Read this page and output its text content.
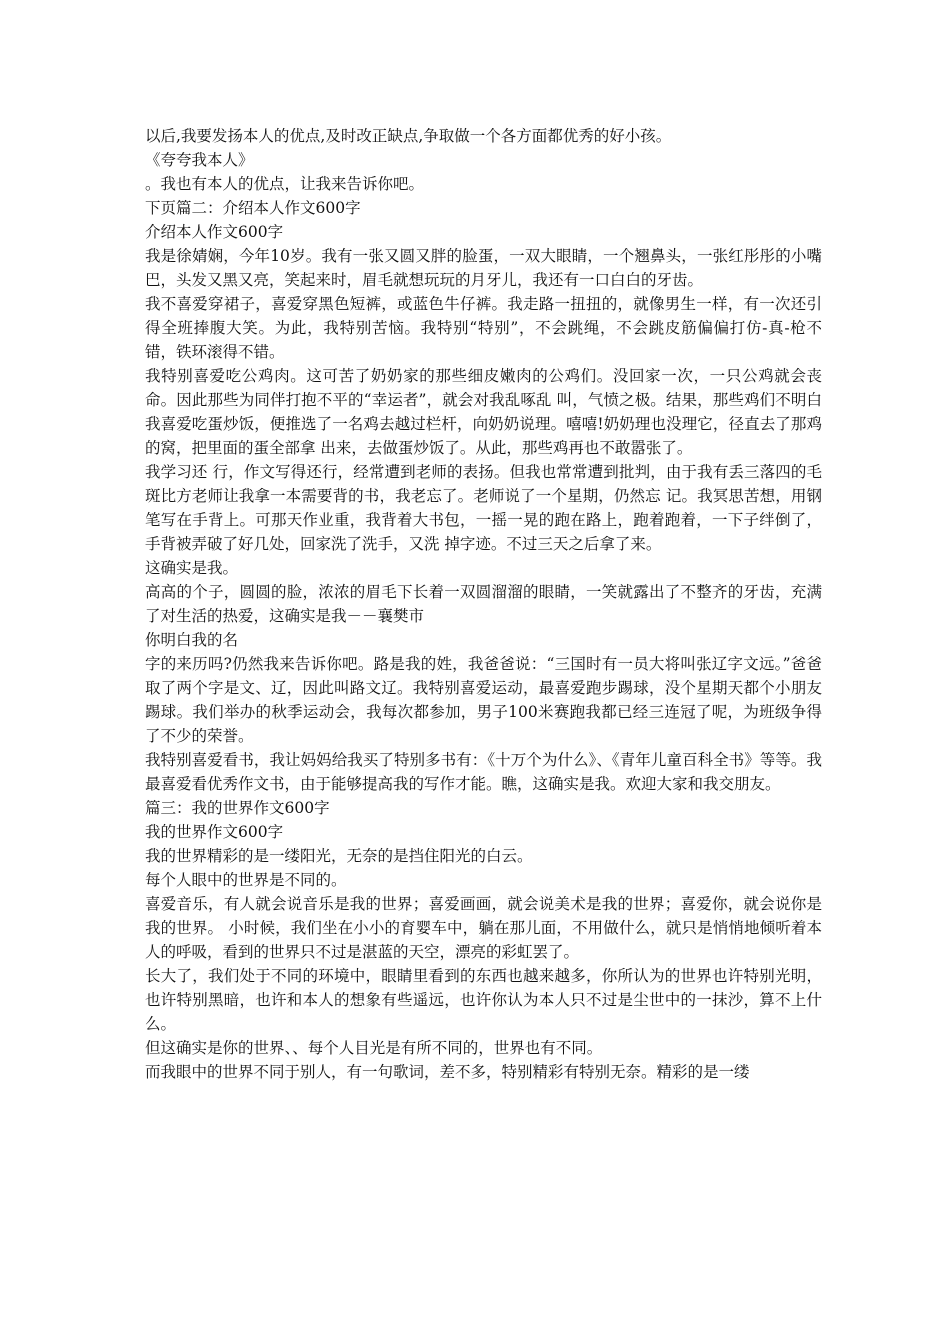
以后,我要发扬本人的优点,及时改正缺点,争取做一个各方面都优秀的好小孩。

《夸夸我本人》

。我也有本人的优点，让我来告诉你吧。

下页篇二：介绍本人作文600字

介绍本人作文600字

我是徐婧娴，今年10岁。我有一张又圆又胖的脸蛋，一双大眼睛，一个翘鼻头，一张红彤彤的小嘴巴，头发又黑又亮，笑起来时，眉毛就想玩玩的月牙儿，我还有一口白白的牙齿。

我不喜爱穿裙子，喜爱穿黑色短裤，或蓝色牛仔裤。我走路一扭扭的，就像男生一样，有一次还引得全班捧腹大笑。为此，我特别苦恼。我特别“特别”，不会跳绳，不会跳皮筋偏偏打仿-真-枪不错，铁环滚得不错。

我特别喜爱吃公鸡肉。这可苦了奶奶家的那些细皮嫩肉的公鸡们。没回家一次，一只公鸡就会丧命。因此那些为同伴打抱不平的“幸运者”，就会对我乱啄乱 叫，气愤之极。结果，那些鸡们不明白我喜爱吃蛋炒饭，便推选了一名鸡去越过栏杆，向奶奶说理。嘻嘻!奶奶理也没理它，径直去了那鸡的窝，把里面的蛋全部拿 出来，去做蛋炒饭了。从此，那些鸡再也不敢嚣张了。

我学习还 行，作文写得还行，经常遭到老师的表扬。但我也常常遭到批判，由于我有丢三落四的毛斑比方老师让我拿一本需要背的书，我老忘了。老师说了一个星期，仍然忘 记。我冥思苦想，用钢笔写在手背上。可那天作业重，我背着大书包，一摇一晃的跑在路上，跑着跑着，一下子绊倒了，手背被弄破了好几处，回家洗了洗手，又洗 掉字迹。不过三天之后拿了来。

这确实是我。

高高的个子，圆圆的脸，浓浓的眉毛下长着一双圆溜溜的眼睛，一笑就露出了不整齐的牙齿，充满了对生活的热爱，这确实是我－－襄樊市

你明白我的名

字的来历吗?仍然我来告诉你吧。路是我的姓，我爸爸说：“三国时有一员大将叫张辽字文远。”爸爸取了两个字是文、辽，因此叫路文辽。我特别喜爱运动，最喜爱跑步踢球，没个星期天都个小朋友踢球。我们举办的秋季运动会，我每次都参加，男子100米赛跑我都已经三连冠了呢，为班级争得了不少的荣誉。

我特别喜爱看书，我让妈妈给我买了特别多书有：《十万个为什么》、《青年儿童百科全书》等等。我最喜爱看优秀作文书，由于能够提高我的写作才能。瞧，这确实是我。欢迎大家和我交朋友。

篇三：我的世界作文600字

我的世界作文600字

我的世界精彩的是一缕阳光，无奈的是挡住阳光的白云。

每个人眼中的世界是不同的。

喜爱音乐，有人就会说音乐是我的世界；喜爱画画，就会说美术是我的世界；喜爱你，就会说你是我的世界。 小时候，我们坐在小小的育婴车中，躺在那儿面，不用做什么，就只是悄悄地倾听着本人的呼吸，看到的世界只不过是湛蓝的天空，漂亮的彩虹罢了。

长大了，我们处于不同的环境中，眼睛里看到的东西也越来越多，你所认为的世界也许特别光明，也许特别黑暗，也许和本人的想象有些遥远，也许你认为本人只不过是尘世中的一抹沙，算不上什么。

但这确实是你的世界、、每个人目光是有所不同的，世界也有不同。

而我眼中的世界不同于别人，有一句歌词，差不多，特别精彩有特别无奈。精彩的是一缕
